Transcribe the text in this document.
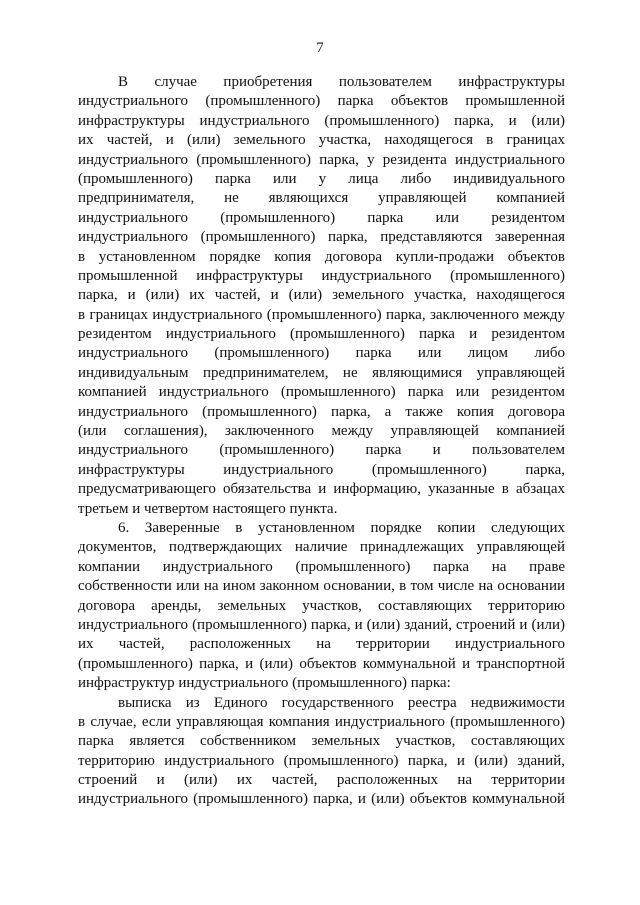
7
В случае приобретения пользователем инфраструктуры
индустриального (промышленного) парка объектов промышленной
инфраструктуры индустриального (промышленного) парка, и (или)
их частей, и (или) земельного участка, находящегося в границах
индустриального (промышленного) парка, у резидента индустриального
(промышленного) парка или у лица либо индивидуального
предпринимателя, не являющихся управляющей компанией
индустриального (промышленного) парка или резидентом
индустриального (промышленного) парка, представляются заверенная
в установленном порядке копия договора купли-продажи объектов
промышленной инфраструктуры индустриального (промышленного)
парка, и (или) их частей, и (или) земельного участка, находящегося
в границах индустриального (промышленного) парка, заключенного между
резидентом индустриального (промышленного) парка и резидентом
индустриального (промышленного) парка или лицом либо
индивидуальным предпринимателем, не являющимися управляющей
компанией индустриального (промышленного) парка или резидентом
индустриального (промышленного) парка, а также копия договора
(или соглашения), заключенного между управляющей компанией
индустриального (промышленного) парка и пользователем
инфраструктуры индустриального (промышленного) парка,
предусматривающего обязательства и информацию, указанные в абзацах
третьем и четвертом настоящего пункта.
6. Заверенные в установленном порядке копии следующих
документов, подтверждающих наличие принадлежащих управляющей
компании индустриального (промышленного) парка на праве
собственности или на ином законном основании, в том числе на основании
договора аренды, земельных участков, составляющих территорию
индустриального (промышленного) парка, и (или) зданий, строений и (или)
их частей, расположенных на территории индустриального
(промышленного) парка, и (или) объектов коммунальной и транспортной
инфраструктур индустриального (промышленного) парка:
выписка из Единого государственного реестра недвижимости
в случае, если управляющая компания индустриального (промышленного)
парка является собственником земельных участков, составляющих
территорию индустриального (промышленного) парка, и (или) зданий,
строений и (или) их частей, расположенных на территории
индустриального (промышленного) парка, и (или) объектов коммунальной
